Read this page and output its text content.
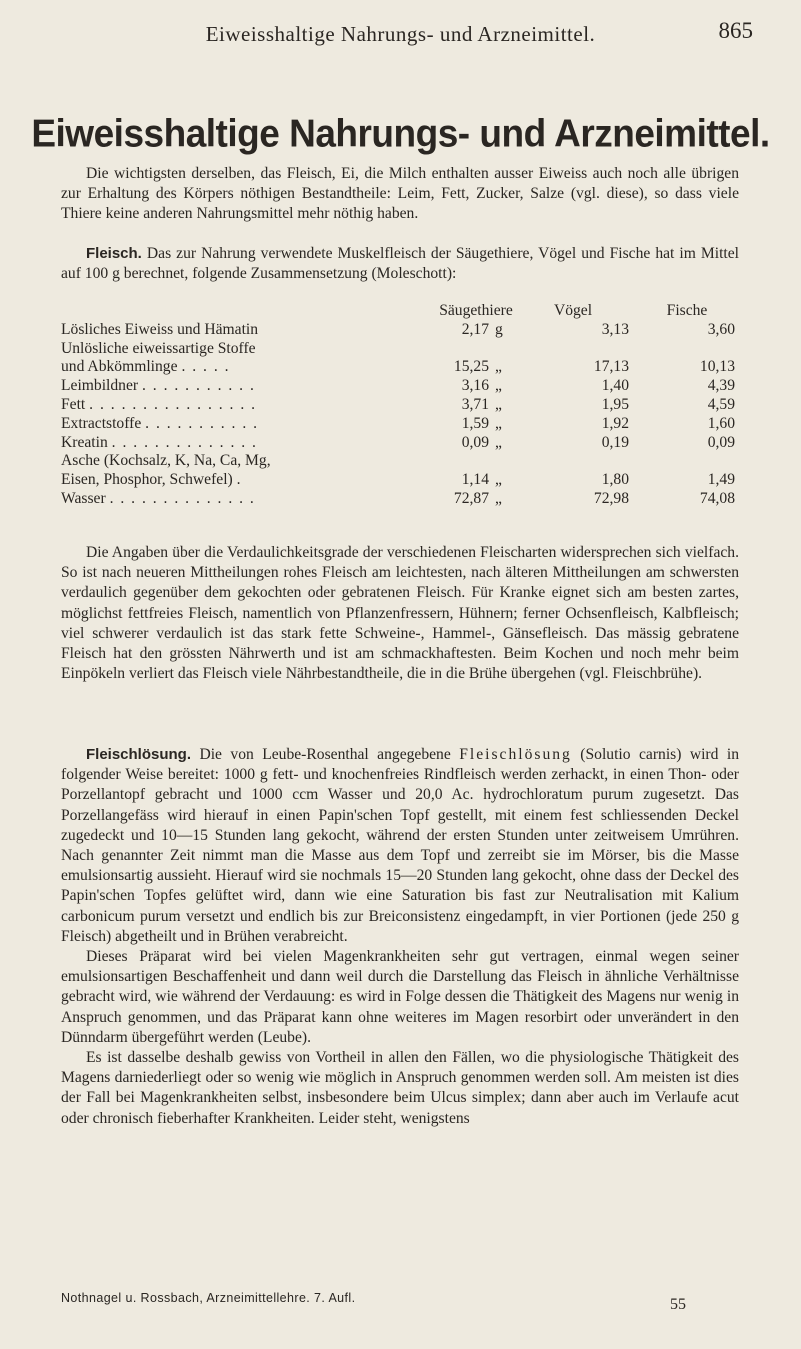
Eiweisshaltige Nahrungs- und Arzneimittel.	865
Eiweisshaltige Nahrungs- und Arzneimittel.

Die wichtigsten derselben, das Fleisch, Ei, die Milch enthalten ausser Eiweiss auch noch alle übrigen zur Erhaltung des Körpers nöthigen Bestandtheile: Leim, Fett, Zucker, Salze (vgl. diese), so dass viele Thiere keine anderen Nahrungsmittel mehr nöthig haben.

Fleisch. Das zur Nahrung verwendete Muskelfleisch der Säugethiere, Vögel und Fische hat im Mittel auf 100 g berechnet, folgende Zusammensetzung (Moleschott):

	Säugethiere	Vögel	Fische
Lösliches Eiweiss und Hämatin	2,17 g	3,13	3,60
Unlösliche eiweissartige Stoffe			
und Abkömmlinge . . . . .	15,25 „	17,13	10,13
Leimbildner . . . . . . . . . . .	3,16 „	1,40	4,39
Fett . . . . . . . . . . . . . . . .	3,71 „	1,95	4,59
Extractstoffe . . . . . . . . . . .	1,59 „	1,92	1,60
Kreatin . . . . . . . . . . . . . .	0,09 „	0,19	0,09
Asche (Kochsalz, K, Na, Ca, Mg,			
Eisen, Phosphor, Schwefel) .	1,14 „	1,80	1,49
Wasser . . . . . . . . . . . . . .	72,87 „	72,98	74,08

Die Angaben über die Verdaulichkeitsgrade der verschiedenen Fleischarten widersprechen sich vielfach. So ist nach neueren Mittheilungen rohes Fleisch am leichtesten, nach älteren Mittheilungen am schwersten verdaulich gegenüber dem gekochten oder gebratenen Fleisch. Für Kranke eignet sich am besten zartes, möglichst fettfreies Fleisch, namentlich von Pflanzenfressern, Hühnern; ferner Ochsenfleisch, Kalbfleisch; viel schwerer verdaulich ist das stark fette Schweine-, Hammel-, Gänsefleisch. Das mässig gebratene Fleisch hat den grössten Nährwerth und ist am schmackhaftesten. Beim Kochen und noch mehr beim Einpökeln verliert das Fleisch viele Nährbestandtheile, die in die Brühe übergehen (vgl. Fleischbrühe).

Fleischlösung. Die von Leube-Rosenthal angegebene Fleischlösung (Solutio carnis) wird in folgender Weise bereitet: 1000 g fett- und knochenfreies Rindfleisch werden zerhackt, in einen Thon- oder Porzellantopf gebracht und 1000 ccm Wasser und 20,0 Ac. hydrochloratum purum zugesetzt. Das Porzellangefäss wird hierauf in einen Papin'schen Topf gestellt, mit einem fest schliessenden Deckel zugedeckt und 10—15 Stunden lang gekocht, während der ersten Stunden unter zeitweisem Umrühren. Nach genannter Zeit nimmt man die Masse aus dem Topf und zerreibt sie im Mörser, bis die Masse emulsionsartig aussieht. Hierauf wird sie nochmals 15—20 Stunden lang gekocht, ohne dass der Deckel des Papin'schen Topfes gelüftet wird, dann wie eine Saturation bis fast zur Neutralisation mit Kalium carbonicum purum versetzt und endlich bis zur Breiconsistenz eingedampft, in vier Portionen (jede 250 g Fleisch) abgetheilt und in Brühen verabreicht.

Dieses Präparat wird bei vielen Magenkrankheiten sehr gut vertragen, einmal wegen seiner emulsionsartigen Beschaffenheit und dann weil durch die Darstellung das Fleisch in ähnliche Verhältnisse gebracht wird, wie während der Verdauung: es wird in Folge dessen die Thätigkeit des Magens nur wenig in Anspruch genommen, und das Präparat kann ohne weiteres im Magen resorbirt oder unverändert in den Dünndarm übergeführt werden (Leube).

Es ist dasselbe deshalb gewiss von Vortheil in allen den Fällen, wo die physiologische Thätigkeit des Magens darniederliegt oder so wenig wie möglich in Anspruch genommen werden soll. Am meisten ist dies der Fall bei Magenkrankheiten selbst, insbesondere beim Ulcus simplex; dann aber auch im Verlaufe acut oder chronisch fieberhafter Krankheiten. Leider steht, wenigstens

Nothnagel u. Rossbach, Arzneimittellehre. 7. Aufl.	55
